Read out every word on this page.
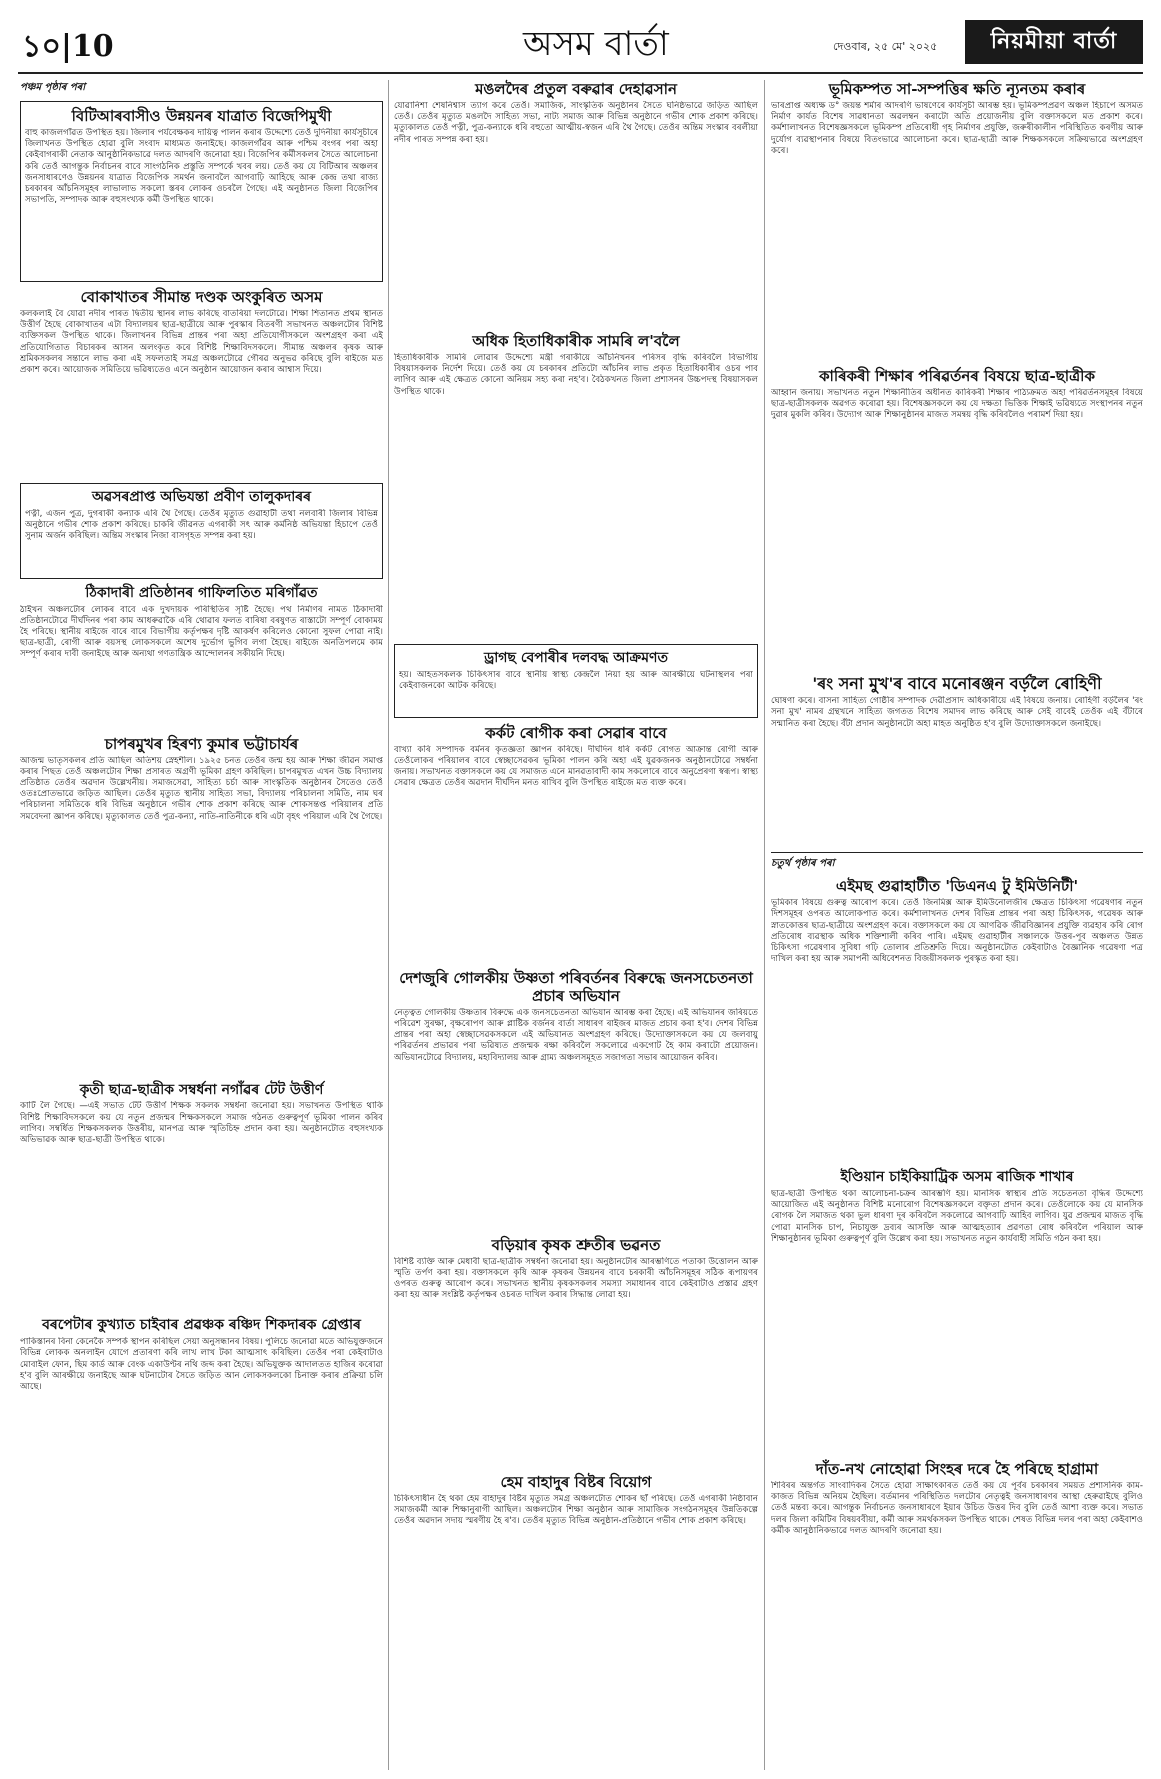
১০|10	অসম বাৰ্তা	দেওবাৰ, ২৫ মে' ২০২৫	নিয়মীয়া বাৰ্তা
পঞ্চম পৃষ্ঠাৰ পৰা
বিটিআৰবাসীও উন্নয়নৰ যাত্ৰাত বিজেপিমুখী
বাহু কাজলগাঁৱত উপস্থিত হয়। জিলাৰ পৰ্যবেক্ষকৰ দায়িত্ব পালন কৰাৰ উদ্দেশ্যে তেওঁ দুদিনীয়া কাৰ্যসূচীৰে জিলাখনত উপস্থিত হোৱা বুলি সংবাদ মাধ্যমত জনাইছে। কাজলগাঁৱৰ আৰু পশ্চিম বংগৰ পৰা অহা কেইবাগৰাকী নেতাক আনুষ্ঠানিকভাৱে দলত আদৰণি জনোৱা হয়। বিজেপিৰ কৰ্মীসকলৰ সৈতে আলোচনা কৰি তেওঁ আগন্তুক নিৰ্বাচনৰ বাবে সাংগঠনিক প্ৰস্তুতি সম্পৰ্কে খবৰ লয়। তেওঁ কয় যে বিটিআৰ অঞ্চলৰ জনসাধাৰণেও উন্নয়নৰ যাত্ৰাত বিজেপিক সমৰ্থন জনাবলৈ আগবাঢ়ি আহিছে আৰু কেন্দ্ৰ তথা ৰাজ্য চৰকাৰৰ আঁচনিসমূহৰ লাভালাভ সকলো স্তৰৰ লোকৰ ওচৰলৈ গৈছে। এই অনুষ্ঠানত জিলা বিজেপিৰ সভাপতি, সম্পাদক আৰু বহুসংখ্যক কৰ্মী উপস্থিত থাকে।
বোকাখাতৰ সীমান্ত দণ্ডক অংকুৰিত অসম
কলকলাই বৈ যোৱা নদীৰ পাৰত দ্বিতীয় স্থানৰ লাভ কৰিছে বাতৰিয়া দলটোৱে। শিক্ষা শিতানত প্ৰথম স্থানত উত্তীৰ্ণ হৈছে বোকাখাতৰ এটা বিদ্যালয়ৰ ছাত্ৰ-ছাত্ৰীয়ে আৰু পুৰস্কাৰ বিতৰণী সভাখনত অঞ্চলটোৰ বিশিষ্ট ব্যক্তিসকল উপস্থিত থাকে। জিলাখনৰ বিভিন্ন প্ৰান্তৰ পৰা অহা প্ৰতিযোগীসকলে অংশগ্ৰহণ কৰা এই প্ৰতিযোগিতাত বিচাৰকৰ আসন অলংকৃত কৰে বিশিষ্ট শিক্ষাবিদসকলে। সীমান্ত অঞ্চলৰ কৃষক আৰু শ্ৰমিকসকলৰ সন্তানে লাভ কৰা এই সফলতাই সমগ্ৰ অঞ্চলটোৱে গৌৰৱ অনুভৱ কৰিছে বুলি ৰাইজে মত প্ৰকাশ কৰে। আয়োজক সমিতিয়ে ভৱিষ্যতেও এনে অনুষ্ঠান আয়োজন কৰাৰ আশ্বাস দিয়ে।
অৱসৰপ্ৰাপ্ত অভিযন্তা প্ৰবীণ তালুকদাৰৰ
পত্নী, এজন পুত্ৰ, দুগৰাকী কন্যাক এৰি থৈ গৈছে। তেওঁৰ মৃত্যুত গুৱাহাটী তথা নলবাৰী জিলাৰ বিভিন্ন অনুষ্ঠানে গভীৰ শোক প্ৰকাশ কৰিছে। চাকৰি জীৱনত এগৰাকী সৎ আৰু কৰ্মনিষ্ঠ অভিযন্তা হিচাপে তেওঁ সুনাম অৰ্জন কৰিছিল। অন্তিম সংস্কাৰ নিজা বাসগৃহত সম্পন্ন কৰা হয়।
ঠিকাদাৰী প্ৰতিষ্ঠানৰ গাফিলতিত মৰিগাঁৱত
ঠাইখন অঞ্চলটোৰ লোকৰ বাবে এক দুখদায়ক পৰিস্থিতিৰ সৃষ্টি হৈছে। পথ নিৰ্মাণৰ নামত ঠিকাদাৰী প্ৰতিষ্ঠানটোৱে দীৰ্ঘদিনৰ পৰা কাম আধৰুৱাকৈ এৰি থোৱাৰ ফলত বাৰিষা বৰষুণত ৰাস্তাটো সম্পূৰ্ণ বোকাময় হৈ পৰিছে। স্থানীয় ৰাইজে বাৰে বাৰে বিভাগীয় কৰ্তৃপক্ষৰ দৃষ্টি আকৰ্ষণ কৰিলেও কোনো সুফল পোৱা নাই। ছাত্ৰ-ছাত্ৰী, ৰোগী আৰু বয়সস্থ লোকসকলে অশেষ দুৰ্ভোগ ভুগিব লগা হৈছে। ৰাইজে অনতিপলমে কাম সম্পূৰ্ণ কৰাৰ দাবী জনাইছে আৰু অন্যথা গণতান্ত্ৰিক আন্দোলনৰ সকীয়নি দিছে।
চাপৰমুখৰ হিৰণ্য কুমাৰ ভট্টাচাৰ্যৰ
আজন্ম ভাতৃসকলৰ প্ৰতি আছিল অতিশয় স্নেহশীল। ১৯২৫ চনত তেওঁৰ জন্ম হয় আৰু শিক্ষা জীৱন সমাপ্ত কৰাৰ পিছত তেওঁ অঞ্চলটোৰ শিক্ষা প্ৰসাৰত অগ্ৰণী ভূমিকা গ্ৰহণ কৰিছিল। চাপৰমুখত এখন উচ্চ বিদ্যালয় প্ৰতিষ্ঠাত তেওঁৰ অৱদান উল্লেখনীয়। সমাজসেৱা, সাহিত্য চৰ্চা আৰু সাংস্কৃতিক অনুষ্ঠানৰ সৈতেও তেওঁ ওতঃপ্ৰোতভাৱে জড়িত আছিল। তেওঁৰ মৃত্যুত স্থানীয় সাহিত্য সভা, বিদ্যালয় পৰিচালনা সমিতি, নাম ঘৰ পৰিচালনা সমিতিকে ধৰি বিভিন্ন অনুষ্ঠানে গভীৰ শোক প্ৰকাশ কৰিছে আৰু শোকসন্তপ্ত পৰিয়ালৰ প্ৰতি সমবেদনা জ্ঞাপন কৰিছে। মৃত্যুকালত তেওঁ পুত্ৰ-কন্যা, নাতি-নাতিনীকে ধৰি এটা বৃহৎ পৰিয়াল এৰি থৈ গৈছে।
কৃতী ছাত্ৰ-ছাত্ৰীক সম্বৰ্ধনা নগাঁৱৰ টেট উত্তীৰ্ণ
কাটি লৈ গৈছে। —এই সভাত টেট উত্তীৰ্ণ শিক্ষক সকলক সম্বৰ্ধনা জনোৱা হয়। সভাখনত উপস্থিত থাকি বিশিষ্ট শিক্ষাবিদসকলে কয় যে নতুন প্ৰজন্মৰ শিক্ষকসকলে সমাজ গঠনত গুৰুত্বপূৰ্ণ ভূমিকা পালন কৰিব লাগিব। সম্বৰ্ধিত শিক্ষকসকলক উত্তৰীয়, মানপত্ৰ আৰু স্মৃতিচিহ্ন প্ৰদান কৰা হয়। অনুষ্ঠানটোত বহুসংখ্যক অভিভাৱক আৰু ছাত্ৰ-ছাত্ৰী উপস্থিত থাকে।
বৰপেটাৰ কুখ্যাত চাইবাৰ প্ৰৱঞ্চক ৰঞ্চিদ শিকদাৰক গ্ৰেপ্তাৰ
পাকিস্তানৰ বিনা কেনেকৈ সম্পৰ্ক স্থাপন কৰিছিল সেয়া অনুসন্ধানৰ বিষয়। পুলিচে জনোৱা মতে অভিযুক্তজনে বিভিন্ন লোকক অনলাইন যোগে প্ৰতাৰণা কৰি লাখ লাখ টকা আত্মসাৎ কৰিছিল। তেওঁৰ পৰা কেইবাটাও মোবাইল ফোন, ছিম কাৰ্ড আৰু বেংক একাউণ্টৰ নথি জব্দ কৰা হৈছে। অভিযুক্তক আদালতত হাজিৰ কৰোৱা হ'ব বুলি আৰক্ষীয়ে জনাইছে আৰু ঘটনাটোৰ সৈতে জড়িত আন লোকসকলকো চিনাক্ত কৰাৰ প্ৰক্ৰিয়া চলি আছে।
মঙলদৈৰ প্ৰতুল বৰুৱাৰ দেহাৱসান
যোৱানিশা শেষনিশ্বাস ত্যাগ কৰে তেওঁ। সমাজিক, সাংস্কৃতিক অনুষ্ঠানৰ সৈতে ঘনিষ্ঠভাৱে জড়িত আছিল তেওঁ। তেওঁৰ মৃত্যুত মঙলদৈ সাহিত্য সভা, নাট্য সমাজ আৰু বিভিন্ন অনুষ্ঠানে গভীৰ শোক প্ৰকাশ কৰিছে। মৃত্যুকালত তেওঁ পত্নী, পুত্ৰ-কন্যাকে ধৰি বহুতো আত্মীয়-স্বজন এৰি থৈ গৈছে। তেওঁৰ অন্তিম সংস্কাৰ বৰলীয়া নদীৰ পাৰত সম্পন্ন কৰা হয়।
অধিক হিতাধিকাৰীক সামৰি ল'বলৈ
হিতাধিকাৰীক সামৰি লোৱাৰ উদ্দেশ্যে মন্ত্ৰী গৰাকীয়ে আঁচনিখনৰ পৰিসৰ বৃদ্ধি কৰিবলৈ বিভাগীয় বিষয়াসকলক নিৰ্দেশ দিয়ে। তেওঁ কয় যে চৰকাৰৰ প্ৰতিটো আঁচনিৰ লাভ প্ৰকৃত হিতাধিকাৰীৰ ওচৰ পাব লাগিব আৰু এই ক্ষেত্ৰত কোনো অনিয়ম সহ্য কৰা নহ'ব। বৈঠকখনত জিলা প্ৰশাসনৰ উচ্চপদস্থ বিষয়াসকল উপস্থিত থাকে।
ড্ৰাগছ বেপাৰীৰ দলবদ্ধ আক্ৰমণত
হয়। আহতসকলক চিকিৎসাৰ বাবে স্থানীয় স্বাস্থ্য কেন্দ্ৰলৈ নিয়া হয় আৰু আৰক্ষীয়ে ঘটনাস্থলৰ পৰা কেইবাজনকো আটক কৰিছে।
কৰ্কট ৰোগীক কৰা সেৱাৰ বাবে
বাখ্যা কৰি সম্পাদক বৰ্মনৰ কৃতজ্ঞতা জ্ঞাপন কৰিছে। দীৰ্ঘদিন ধৰি কৰ্কট ৰোগত আক্ৰান্ত ৰোগী আৰু তেওঁলোকৰ পৰিয়ালৰ বাবে স্বেচ্ছাসেৱকৰ ভূমিকা পালন কৰি অহা এই যুৱকজনক অনুষ্ঠানটোৱে সম্বৰ্ধনা জনায়। সভাখনত বক্তাসকলে কয় যে সমাজত এনে মানৱতাবাদী কাম সকলোৰে বাবে অনুপ্ৰেৰণা স্বৰূপ। স্বাস্থ্য সেৱাৰ ক্ষেত্ৰত তেওঁৰ অৱদান দীৰ্ঘদিন মনত ৰাখিব বুলি উপস্থিত ৰাইজে মত ব্যক্ত কৰে।
দেশজুৰি গোলকীয় উষ্ণতা পৰিবৰ্তনৰ বিৰুদ্ধে জনসচেতনতা প্ৰচাৰ অভিযান
নেতৃত্বত গোলকীয় উষ্ণতাৰ বিৰুদ্ধে এক জনসচেতনতা অভিযান আৰম্ভ কৰা হৈছে। এই অভিযানৰ জৰিয়তে পৰিৱেশ সুৰক্ষা, বৃক্ষৰোপণ আৰু প্লাষ্টিক বৰ্জনৰ বাৰ্তা সাধাৰণ ৰাইজৰ মাজত প্ৰচাৰ কৰা হ'ব। দেশৰ বিভিন্ন প্ৰান্তৰ পৰা অহা স্বেচ্ছাসেৱকসকলে এই অভিযানত অংশগ্ৰহণ কৰিছে। উদ্যোক্তাসকলে কয় যে জলবায়ু পৰিৱৰ্তনৰ প্ৰভাৱৰ পৰা ভৱিষ্যত প্ৰজন্মক ৰক্ষা কৰিবলৈ সকলোৱে একগোট হৈ কাম কৰাটো প্ৰয়োজন। অভিযানটোৱে বিদ্যালয়, মহাবিদ্যালয় আৰু গ্ৰাম্য অঞ্চলসমূহত সজাগতা সভাৰ আয়োজন কৰিব।
বড়িয়াৰ কৃষক শ্ৰুতীৰ ভৱনত
বিশিষ্ট ব্যক্তি আৰু মেধাবী ছাত্ৰ-ছাত্ৰীক সম্বৰ্ধনা জনোৱা হয়। অনুষ্ঠানটোৰ আৰম্ভণিতে পতাকা উত্তোলন আৰু স্মৃতি তৰ্পণ কৰা হয়। বক্তাসকলে কৃষি আৰু কৃষকৰ উন্নয়নৰ বাবে চৰকাৰী আঁচনিসমূহৰ সঠিক ৰূপায়ণৰ ওপৰত গুৰুত্ব আৰোপ কৰে। সভাখনত স্থানীয় কৃষকসকলৰ সমস্যা সমাধানৰ বাবে কেইবাটাও প্ৰস্তাৱ গ্ৰহণ কৰা হয় আৰু সংশ্লিষ্ট কৰ্তৃপক্ষৰ ওচৰত দাখিল কৰাৰ সিদ্ধান্ত লোৱা হয়।
হেম বাহাদুৰ বিষ্টৰ বিয়োগ
চিকিৎসাধীন হৈ থকা হেম বাহাদুৰ বিষ্টৰ মৃত্যুত সমগ্ৰ অঞ্চলটোত শোকৰ ছাঁ পৰিছে। তেওঁ এগৰাকী নিষ্ঠাবান সমাজকৰ্মী আৰু শিক্ষানুৰাগী আছিল। অঞ্চলটোৰ শিক্ষা অনুষ্ঠান আৰু সামাজিক সংগঠনসমূহৰ উন্নতিকল্পে তেওঁৰ অৱদান সদায় স্মৰণীয় হৈ ৰ'ব। তেওঁৰ মৃত্যুত বিভিন্ন অনুষ্ঠান-প্ৰতিষ্ঠানে গভীৰ শোক প্ৰকাশ কৰিছে।
ভূমিকম্পত সা-সম্পত্তিৰ ক্ষতি ন্যূনতম কৰাৰ
ভাৰপ্ৰাপ্ত অধ্যক্ষ ড° জয়ন্ত শৰ্মাৰ আদৰণি ভাষণেৰে কাৰ্যসূচী আৰম্ভ হয়। ভূমিকম্পপ্ৰৱণ অঞ্চল হিচাপে অসমত নিৰ্মাণ কাৰ্যত বিশেষ সাৱধানতা অৱলম্বন কৰাটো অতি প্ৰয়োজনীয় বুলি বক্তাসকলে মত প্ৰকাশ কৰে। কৰ্মশালাখনত বিশেষজ্ঞসকলে ভূমিকম্প প্ৰতিৰোধী গৃহ নিৰ্মাণৰ প্ৰযুক্তি, জৰুৰীকালীন পৰিস্থিতিত কৰণীয় আৰু দুৰ্যোগ ব্যৱস্থাপনাৰ বিষয়ে বিতংভাৱে আলোচনা কৰে। ছাত্ৰ-ছাত্ৰী আৰু শিক্ষকসকলে সক্ৰিয়ভাৱে অংশগ্ৰহণ কৰে।
কাৰিকৰী শিক্ষাৰ পৰিৱৰ্তনৰ বিষয়ে ছাত্ৰ-ছাত্ৰীক
আহ্বান জনায়। সভাখনত নতুন শিক্ষানীতিৰ অধীনত কাৰিকৰী শিক্ষাৰ পাঠ্যক্ৰমত অহা পৰিৱৰ্তনসমূহৰ বিষয়ে ছাত্ৰ-ছাত্ৰীসকলক অৱগত কৰোৱা হয়। বিশেষজ্ঞসকলে কয় যে দক্ষতা ভিত্তিক শিক্ষাই ভৱিষ্যতে সংস্থাপনৰ নতুন দুৱাৰ মুকলি কৰিব। উদ্যোগ আৰু শিক্ষানুষ্ঠানৰ মাজত সমন্বয় বৃদ্ধি কৰিবলৈও পৰামৰ্শ দিয়া হয়।
'ৰং সনা মুখ'ৰ বাবে মনোৰঞ্জন বৰ্ড়লৈ ৰোহিণী
ঘোষণা কৰে। বাসনা সাহিত্য গোষ্ঠীৰ সম্পাদক দেৱীপ্ৰসাদ অধিকাৰীয়ে এই বিষয়ে জনায়। ৰোহিণী বৰ্ড়লৈৰ 'ৰং সনা মুখ' নামৰ গ্ৰন্থখনে সাহিত্য জগতত বিশেষ সমাদৰ লাভ কৰিছে আৰু সেই বাবেই তেওঁক এই বঁটাৰে সন্মানিত কৰা হৈছে। বঁটা প্ৰদান অনুষ্ঠানটো অহা মাহত অনুষ্ঠিত হ'ব বুলি উদ্যোক্তাসকলে জনাইছে।
চতুৰ্থ পৃষ্ঠাৰ পৰা
এইমছ গুৱাহাটীত 'ডিএনএ টু ইমিউনিটী'
ভূমিকাৰ বিষয়ে গুৰুত্ব আৰোপ কৰে। তেওঁ জিনমিক্স আৰু ইমিউনোলজীৰ ক্ষেত্ৰত চিকিৎসা গৱেষণাৰ নতুন দিশসমূহৰ ওপৰত আলোকপাত কৰে। কৰ্মশালাখনত দেশৰ বিভিন্ন প্ৰান্তৰ পৰা অহা চিকিৎসক, গৱেষক আৰু স্নাতকোত্তৰ ছাত্ৰ-ছাত্ৰীয়ে অংশগ্ৰহণ কৰে। বক্তাসকলে কয় যে আণৱিক জীৱবিজ্ঞানৰ প্ৰযুক্তি ব্যৱহাৰ কৰি ৰোগ প্ৰতিৰোধ ব্যৱস্থাক অধিক শক্তিশালী কৰিব পাৰি। এইমছ গুৱাহাটীৰ সঞ্চালকে উত্তৰ-পূব অঞ্চলত উন্নত চিকিৎসা গৱেষণাৰ সুবিধা গঢ়ি তোলাৰ প্ৰতিশ্ৰুতি দিয়ে। অনুষ্ঠানটোত কেইবাটাও বৈজ্ঞানিক গৱেষণা পত্ৰ দাখিল কৰা হয় আৰু সমাপনী অধিবেশনত বিজয়ীসকলক পুৰস্কৃত কৰা হয়।
ইণ্ডিয়ান চাইকিয়াট্ৰিক অসম ৰাজিক শাখাৰ
ছাত্ৰ-ছাত্ৰী উপস্থিত থকা আলোচনা-চক্ৰৰ আৰম্ভণি হয়। মানসিক স্বাস্থ্যৰ প্ৰতি সচেতনতা বৃদ্ধিৰ উদ্দেশ্যে আয়োজিত এই অনুষ্ঠানত বিশিষ্ট মনোৰোগ বিশেষজ্ঞসকলে বক্তৃতা প্ৰদান কৰে। তেওঁলোকে কয় যে মানসিক ৰোগক লৈ সমাজত থকা ভুল ধাৰণা দূৰ কৰিবলৈ সকলোৱে আগবাঢ়ি আহিব লাগিব। যুৱ প্ৰজন্মৰ মাজত বৃদ্ধি পোৱা মানসিক চাপ, নিচাযুক্ত দ্ৰব্যৰ আসক্তি আৰু আত্মহত্যাৰ প্ৰৱণতা ৰোধ কৰিবলৈ পৰিয়াল আৰু শিক্ষানুষ্ঠানৰ ভূমিকা গুৰুত্বপূৰ্ণ বুলি উল্লেখ কৰা হয়। সভাখনত নতুন কাৰ্যবাহী সমিতি গঠন কৰা হয়।
দাঁত-নখ নোহোৱা সিংহৰ দৰে হৈ পৰিছে হাগ্ৰামা
শিবিৰৰ অন্তৰ্গত সাংবাদিকৰ সৈতে হোৱা সাক্ষাৎকাৰত তেওঁ কয় যে পূৰ্বৰ চৰকাৰৰ সময়ত প্ৰশাসনিক কাম-কাজত বিভিন্ন অনিয়ম হৈছিল। বৰ্তমানৰ পৰিস্থিতিত দলটোৰ নেতৃত্বই জনসাধাৰণৰ আস্থা হেৰুৱাইছে বুলিও তেওঁ মন্তব্য কৰে। আগন্তুক নিৰ্বাচনত জনসাধাৰণে ইয়াৰ উচিত উত্তৰ দিব বুলি তেওঁ আশা ব্যক্ত কৰে। সভাত দলৰ জিলা কমিটিৰ বিষয়ববীয়া, কৰ্মী আৰু সমৰ্থকসকল উপস্থিত থাকে। শেষত বিভিন্ন দলৰ পৰা অহা কেইবাশও কৰ্মীক আনুষ্ঠানিকভাৱে দলত আদৰণি জনোৱা হয়।
